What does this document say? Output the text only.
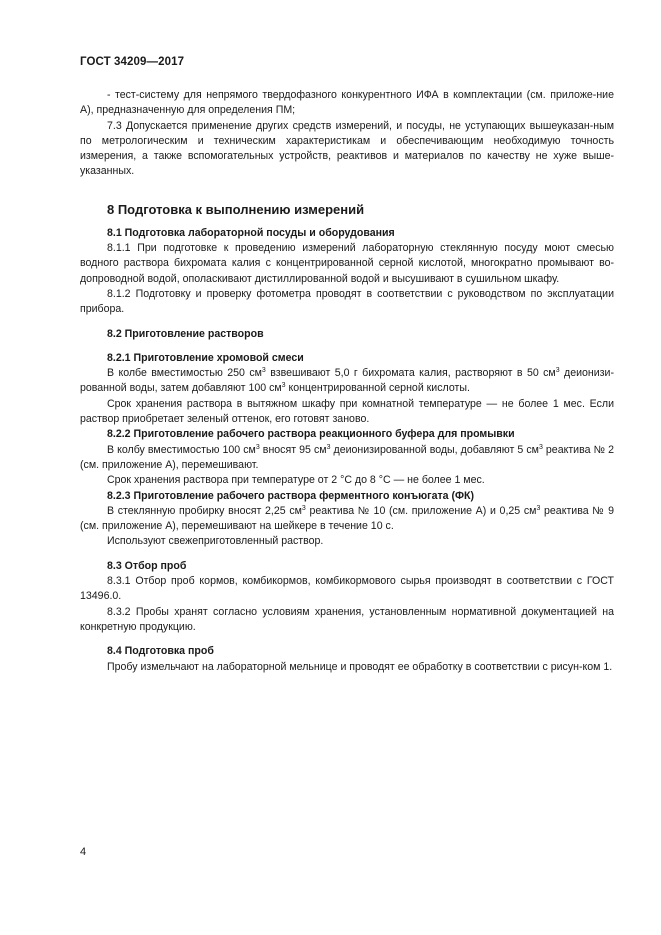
ГОСТ 34209—2017

- тест-систему для непрямого твердофазного конкурентного ИФА в комплектации (см. приложе-ние А), предназначенную для определения ПМ;

7.3 Допускается применение других средств измерений, и посуды, не уступающих вышеуказан-ным по метрологическим и техническим характеристикам и обеспечивающим необходимую точность измерения, а также вспомогательных устройств, реактивов и материалов по качеству не хуже выше-указанных.

8 Подготовка к выполнению измерений
8.1 Подготовка лабораторной посуды и оборудования

8.1.1 При подготовке к проведению измерений лабораторную стеклянную посуду моют смесью водного раствора бихромата калия с концентрированной серной кислотой, многократно промывают во-допроводной водой, ополаскивают дистиллированной водой и высушивают в сушильном шкафу.

8.1.2 Подготовку и проверку фотометра проводят в соответствии с руководством по эксплуатации прибора.

8.2 Приготовление растворов
8.2.1 Приготовление хромовой смеси

В колбе вместимостью 250 $см^3$ взвешивают 5,0 г бихромата калия, растворяют в 50 $см^3$ деионизи-рованной воды, затем добавляют 100 $см^3$ концентрированной серной кислоты.

Срок хранения раствора в вытяжном шкафу при комнатной температуре — не более 1 мес. Если раствор приобретает зеленый оттенок, его готовят заново.

8.2.2 Приготовление рабочего раствора реакционного буфера для промывки

В колбу вместимостью 100 $см^3$ вносят 95 $см^3$ деионизированной воды, добавляют 5 $см^3$ реактива № 2 (см. приложение А), перемешивают.

Срок хранения раствора при температуре от 2 °С до 8 °С — не более 1 мес.

8.2.3 Приготовление рабочего раствора ферментного конъюгата (ФК)

В стеклянную пробирку вносят 2,25 $см^3$ реактива № 10 (см. приложение А) и 0,25 $см^3$ реактива № 9 (см. приложение А), перемешивают на шейкере в течение 10 с.

Используют свежеприготовленный раствор.

8.3 Отбор проб

8.3.1 Отбор проб кормов, комбикормов, комбикормового сырья производят в соответствии с ГОСТ 13496.0.

8.3.2 Пробы хранят согласно условиям хранения, установленным нормативной документацией на конкретную продукцию.

8.4 Подготовка проб

Пробу измельчают на лабораторной мельнице и проводят ее обработку в соответствии с рисун-ком 1.

4
